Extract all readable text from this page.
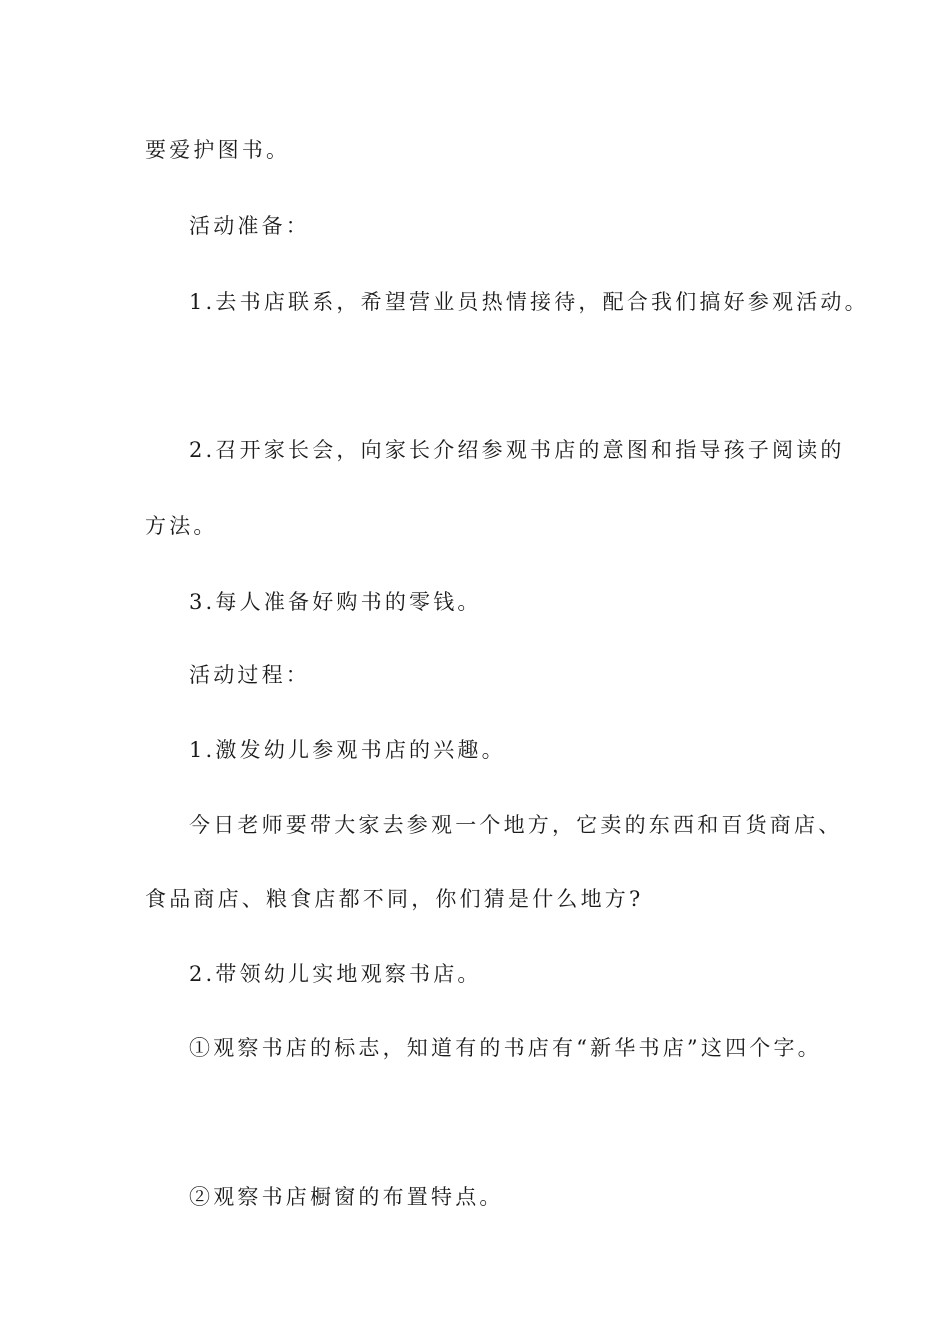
要爱护图书。
活动准备：
1.去书店联系，希望营业员热情接待，配合我们搞好参观活动。
2.召开家长会，向家长介绍参观书店的意图和指导孩子阅读的
方法。
3.每人准备好购书的零钱。
活动过程：
1.激发幼儿参观书店的兴趣。
今日老师要带大家去参观一个地方，它卖的东西和百货商店、
食品商店、粮食店都不同，你们猜是什么地方?
2.带领幼儿实地观察书店。
①观察书店的标志，知道有的书店有“新华书店”这四个字。
②观察书店橱窗的布置特点。
